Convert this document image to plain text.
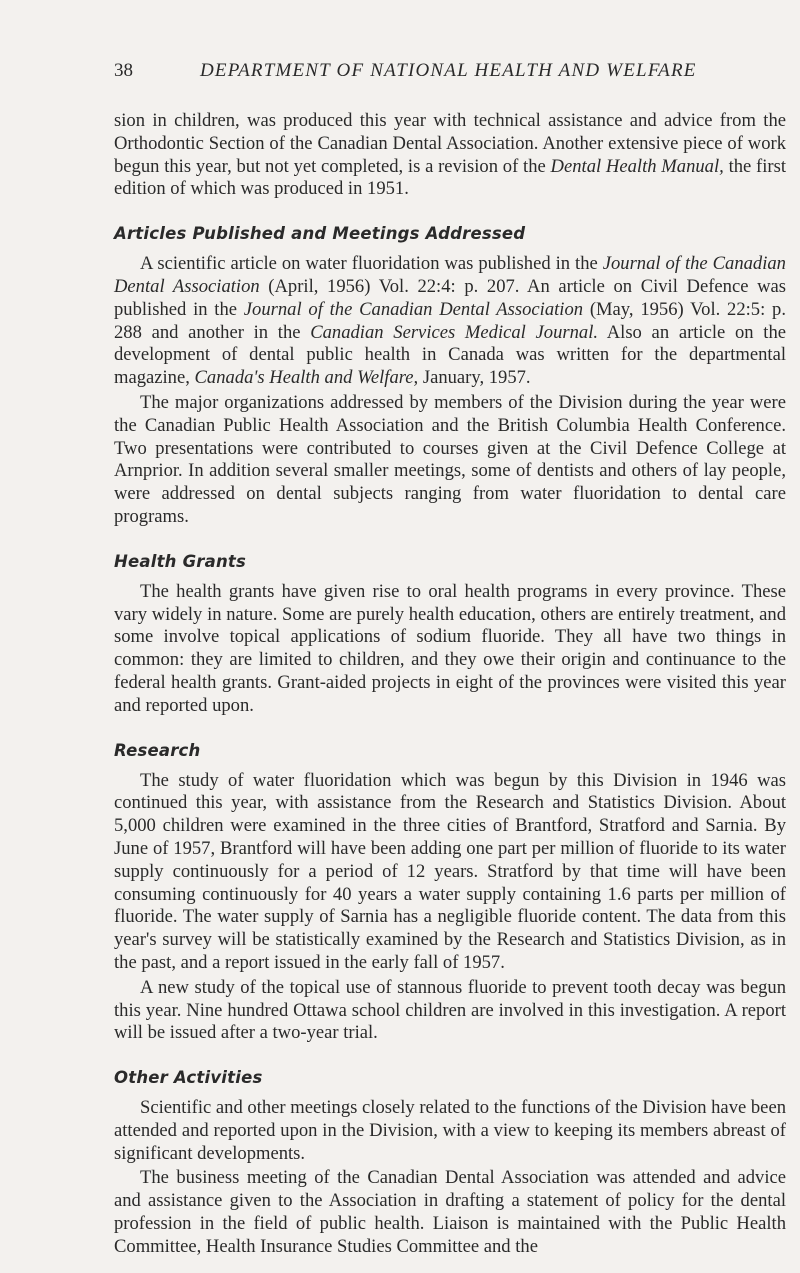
38	DEPARTMENT OF NATIONAL HEALTH AND WELFARE

sion in children, was produced this year with technical assistance and advice from the Orthodontic Section of the Canadian Dental Association. Another extensive piece of work begun this year, but not yet completed, is a revision of the Dental Health Manual, the first edition of which was produced in 1951.

Articles Published and Meetings Addressed

A scientific article on water fluoridation was published in the Journal of the Canadian Dental Association (April, 1956) Vol. 22:4: p. 207. An article on Civil Defence was published in the Journal of the Canadian Dental Association (May, 1956) Vol. 22:5: p. 288 and another in the Canadian Services Medical Journal. Also an article on the development of dental public health in Canada was written for the departmental magazine, Canada's Health and Welfare, January, 1957.

The major organizations addressed by members of the Division during the year were the Canadian Public Health Association and the British Columbia Health Conference. Two presentations were contributed to courses given at the Civil Defence College at Arnprior. In addition several smaller meetings, some of dentists and others of lay people, were addressed on dental subjects ranging from water fluoridation to dental care programs.

Health Grants

The health grants have given rise to oral health programs in every province. These vary widely in nature. Some are purely health education, others are entirely treatment, and some involve topical applications of sodium fluoride. They all have two things in common: they are limited to children, and they owe their origin and continuance to the federal health grants. Grant-aided projects in eight of the provinces were visited this year and reported upon.

Research

The study of water fluoridation which was begun by this Division in 1946 was continued this year, with assistance from the Research and Statistics Division. About 5,000 children were examined in the three cities of Brantford, Stratford and Sarnia. By June of 1957, Brantford will have been adding one part per million of fluoride to its water supply continuously for a period of 12 years. Stratford by that time will have been consuming continuously for 40 years a water supply containing 1.6 parts per million of fluoride. The water supply of Sarnia has a negligible fluoride content. The data from this year's survey will be statistically examined by the Research and Statistics Division, as in the past, and a report issued in the early fall of 1957.

A new study of the topical use of stannous fluoride to prevent tooth decay was begun this year. Nine hundred Ottawa school children are involved in this investigation. A report will be issued after a two-year trial.

Other Activities

Scientific and other meetings closely related to the functions of the Division have been attended and reported upon in the Division, with a view to keeping its members abreast of significant developments.

The business meeting of the Canadian Dental Association was attended and advice and assistance given to the Association in drafting a statement of policy for the dental profession in the field of public health. Liaison is maintained with the Public Health Committee, Health Insurance Studies Committee and the
